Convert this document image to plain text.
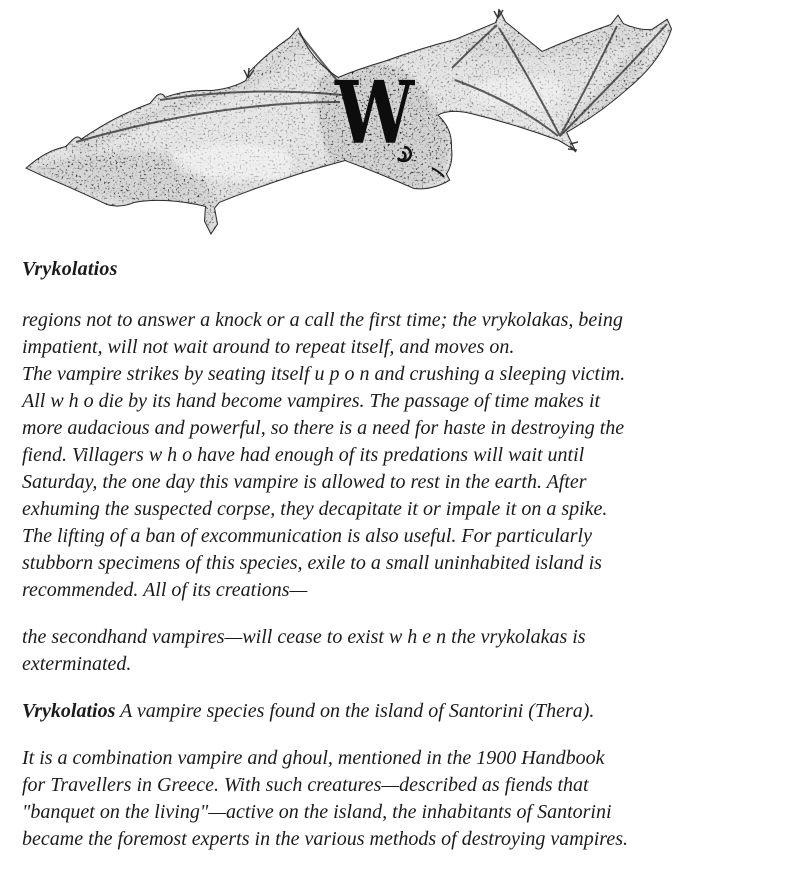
W
Vrykolatios

regions not to answer a knock or a call the first time; the vrykolakas, being
impatient, will not wait around to repeat itself, and moves on.

The vampire strikes by seating itself u p o n and crushing a sleeping victim.
All w h o die by its hand become vampires. The passage of time makes it
more audacious and powerful, so there is a need for haste in destroying the
fiend. Villagers w h o have had enough of its predations will wait until
Saturday, the one day this vampire is allowed to rest in the earth. After
exhuming the suspected corpse, they decapitate it or impale it on a spike.
The lifting of a ban of excommunication is also useful. For particularly
stubborn specimens of this species, exile to a small uninhabited island is
recommended. All of its creations—

the secondhand vampires—will cease to exist w h e n the vrykolakas is
exterminated.

Vrykolatios A vampire species found on the island of Santorini (Thera).

It is a combination vampire and ghoul, mentioned in the 1900 Handbook
for Travellers in Greece. With such creatures—described as fiends that
"banquet on the living"—active on the island, the inhabitants of Santorini
became the foremost experts in the various methods of destroying vampires.
